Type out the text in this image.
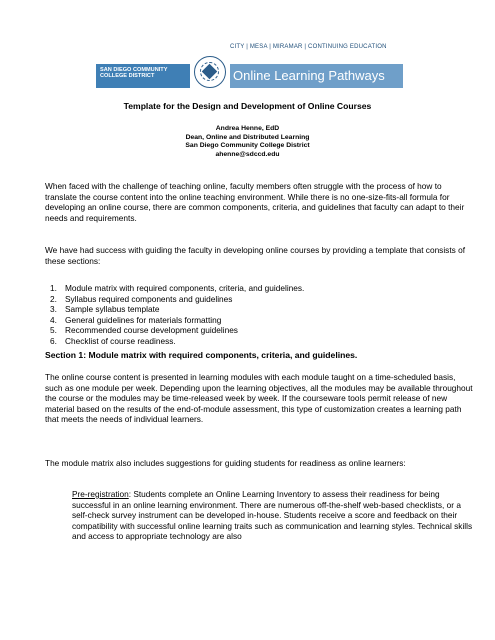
CITY | MESA | MIRAMAR | CONTINUING EDUCATION
SAN DIEGO COMMUNITY
COLLEGE DISTRICT	Online Learning Pathways
Template for the Design and Development of Online Courses
Andrea Henne, EdD
Dean, Online and Distributed Learning
San Diego Community College District
ahenne@sdccd.edu

When faced with the challenge of teaching online, faculty members often struggle with the process of how to translate the course content into the online teaching environment. While there is no one-size-fits-all formula for developing an online course, there are common components, criteria, and guidelines that faculty can adapt to their needs and requirements.

We have had success with guiding the faculty in developing online courses by providing a template that consists of these sections:

1. Module matrix with required components, criteria, and guidelines.
2. Syllabus required components and guidelines
3. Sample syllabus template
4. General guidelines for materials formatting
5. Recommended course development guidelines
6. Checklist of course readiness.
Section 1: Module matrix with required components, criteria, and guidelines.

The online course content is presented in learning modules with each module taught on a time-scheduled basis, such as one module per week. Depending upon the learning objectives, all the modules may be available throughout the course or the modules may be time-released week by week. If the courseware tools permit release of new material based on the results of the end-of-module assessment, this type of customization creates a learning path that meets the needs of individual learners.

The module matrix also includes suggestions for guiding students for readiness as online learners:

Pre-registration: Students complete an Online Learning Inventory to assess their readiness for being successful in an online learning environment. There are numerous off-the-shelf web-based checklists, or a self-check survey instrument can be developed in-house. Students receive a score and feedback on their compatibility with successful online learning traits such as communication and learning styles. Technical skills and access to appropriate technology are also
